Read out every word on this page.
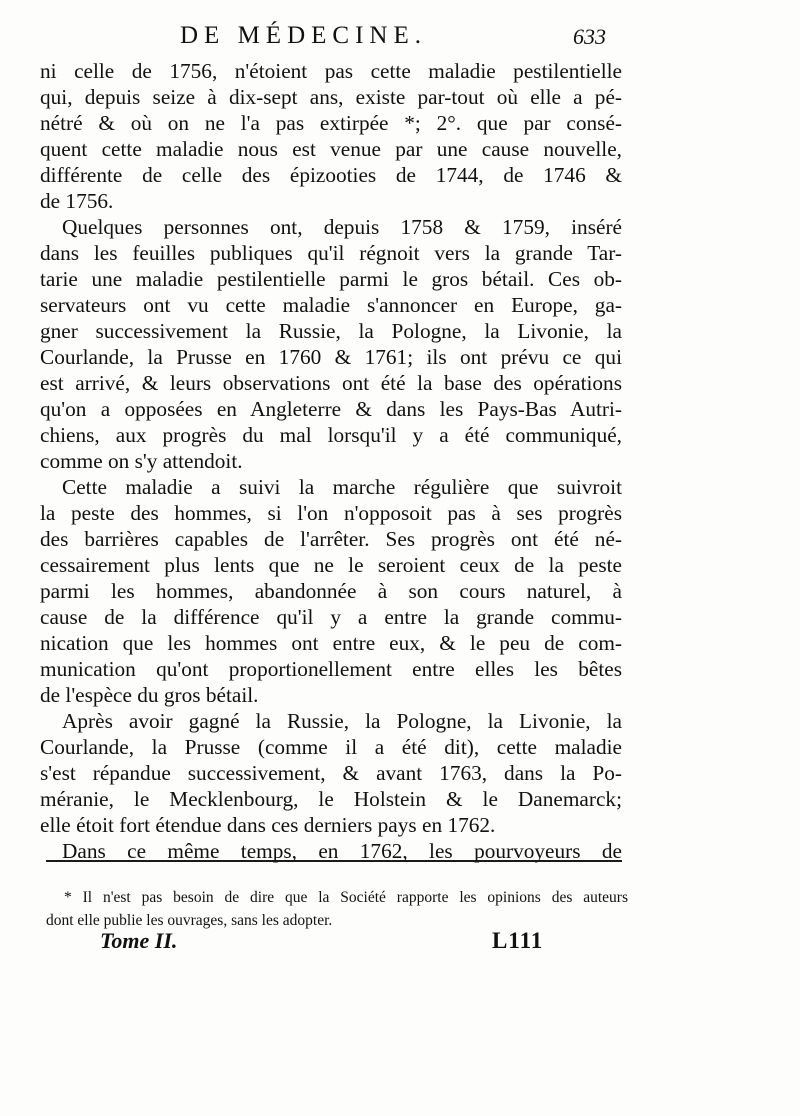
DE MÉDECINE.	633
ni celle de 1756, n'étoient pas cette maladie pestilentielle
qui, depuis seize à dix-sept ans, existe par-tout où elle a pé-
nétré & où on ne l'a pas extirpée *; 2°. que par consé-
quent cette maladie nous est venue par une cause nouvelle,
différente de celle des épizooties de 1744, de 1746 &
de 1756.
Quelques personnes ont, depuis 1758 & 1759, inséré
dans les feuilles publiques qu'il régnoit vers la grande Tar-
tarie une maladie pestilentielle parmi le gros bétail. Ces ob-
servateurs ont vu cette maladie s'annoncer en Europe, ga-
gner successivement la Russie, la Pologne, la Livonie, la
Courlande, la Prusse en 1760 & 1761; ils ont prévu ce qui
est arrivé, & leurs observations ont été la base des opérations
qu'on a opposées en Angleterre & dans les Pays-Bas Autri-
chiens, aux progrès du mal lorsqu'il y a été communiqué,
comme on s'y attendoit.
Cette maladie a suivi la marche régulière que suivroit
la peste des hommes, si l'on n'opposoit pas à ses progrès
des barrières capables de l'arrêter. Ses progrès ont été né-
cessairement plus lents que ne le seroient ceux de la peste
parmi les hommes, abandonnée à son cours naturel, à
cause de la différence qu'il y a entre la grande commu-
nication que les hommes ont entre eux, & le peu de com-
munication qu'ont proportionellement entre elles les bêtes
de l'espèce du gros bétail.
Après avoir gagné la Russie, la Pologne, la Livonie, la
Courlande, la Prusse (comme il a été dit), cette maladie
s'est répandue successivement, & avant 1763, dans la Po-
méranie, le Mecklenbourg, le Holstein & le Danemarck;
elle étoit fort étendue dans ces derniers pays en 1762.
Dans ce même temps, en 1762, les pourvoyeurs de
* Il n'est pas besoin de dire que la Société rapporte les opinions des auteurs
dont elle publie les ouvrages, sans les adopter.
Tome II.	L111
